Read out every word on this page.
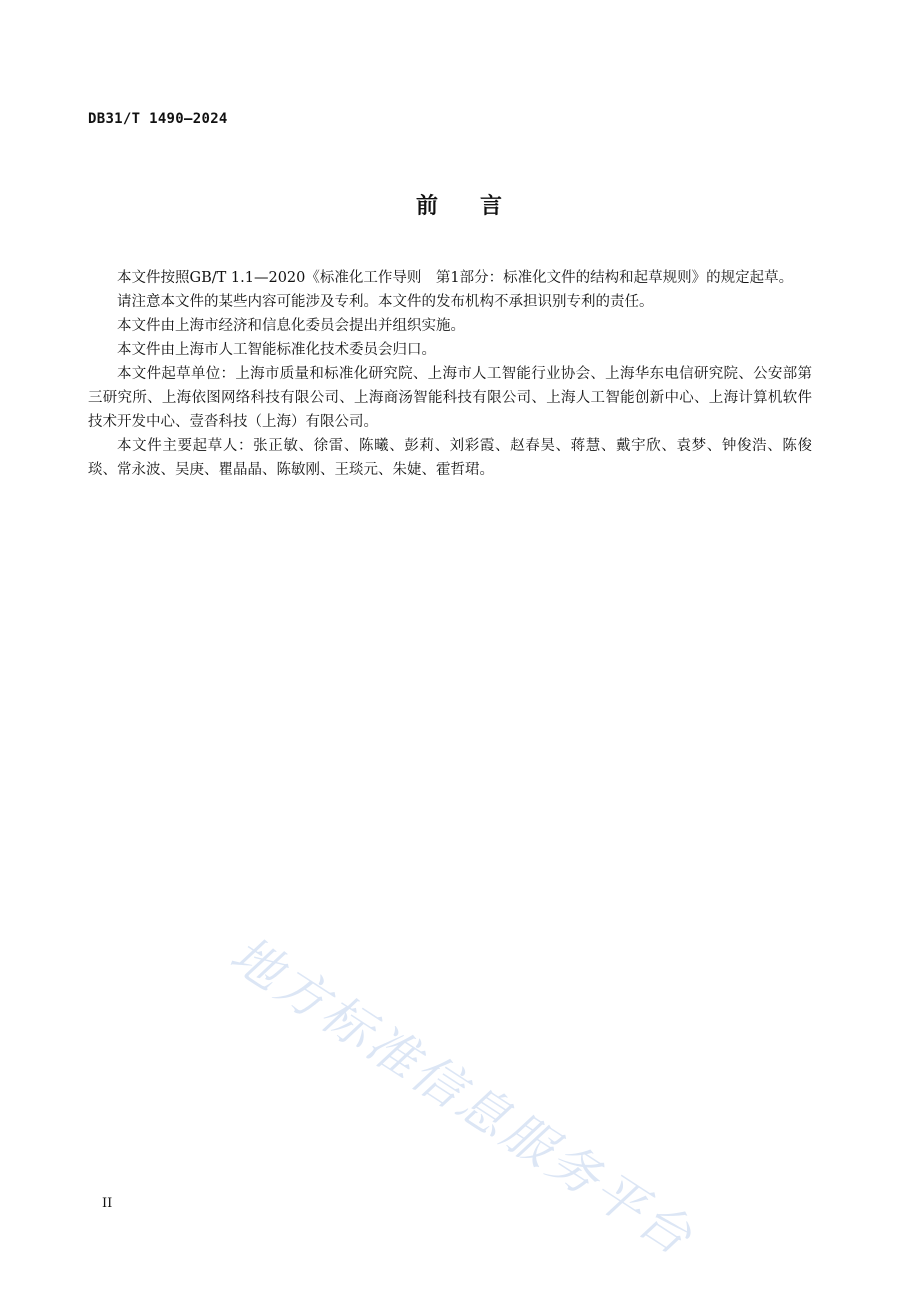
DB31/T 1490—2024
前 言

本文件按照GB/T 1.1—2020《标准化工作导则　第1部分：标准化文件的结构和起草规则》的规定起草。

请注意本文件的某些内容可能涉及专利。本文件的发布机构不承担识别专利的责任。

本文件由上海市经济和信息化委员会提出并组织实施。

本文件由上海市人工智能标准化技术委员会归口。

本文件起草单位：上海市质量和标准化研究院、上海市人工智能行业协会、上海华东电信研究院、公安部第三研究所、上海依图网络科技有限公司、上海商汤智能科技有限公司、上海人工智能创新中心、上海计算机软件技术开发中心、壹沓科技（上海）有限公司。

本文件主要起草人：张正敏、徐雷、陈曦、彭莉、刘彩霞、赵春昊、蒋慧、戴宇欣、袁梦、钟俊浩、陈俊琰、常永波、吴庚、瞿晶晶、陈敏刚、王琰元、朱婕、霍哲珺。

地方标准信息服务平台
II
